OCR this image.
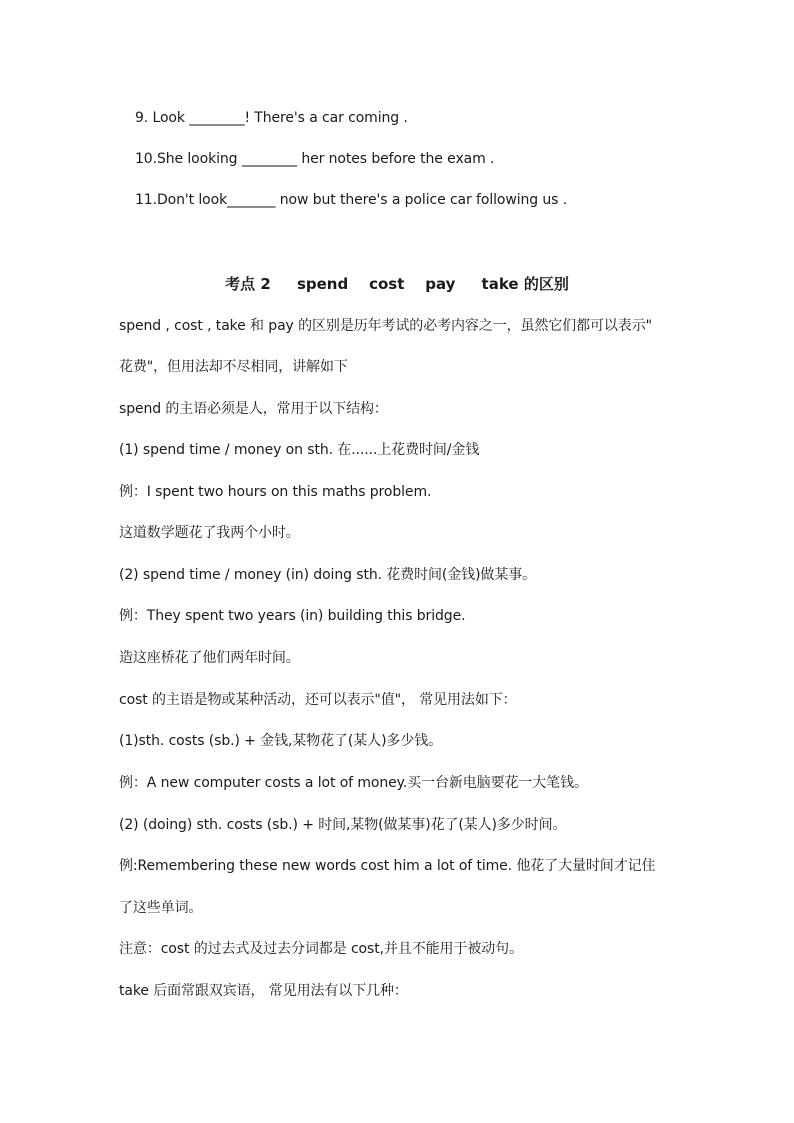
9. Look ________! There's a car coming .
10.She looking ________ her notes before the exam .
11.Don't look_______ now but there's a police car following us .
考点 2     spend    cost    pay     take 的区别
spend , cost , take 和 pay 的区别是历年考试的必考内容之一，虽然它们都可以表示"
花费"，但用法却不尽相同，讲解如下
spend 的主语必须是人，常用于以下结构：
(1) spend time / money on sth. 在......上花费时间/金钱
例：I spent two hours on this maths problem.
这道数学题花了我两个小时。
(2) spend time / money (in) doing sth. 花费时间(金钱)做某事。
例：They spent two years (in) building this bridge.
造这座桥花了他们两年时间。
cost 的主语是物或某种活动，还可以表示"值"， 常见用法如下：
(1)sth. costs (sb.) + 金钱,某物花了(某人)多少钱。
例：A new computer costs a lot of money.买一台新电脑要花一大笔钱。
(2) (doing) sth. costs (sb.) + 时间,某物(做某事)花了(某人)多少时间。
例:Remembering these new words cost him a lot of time. 他花了大量时间才记住
了这些单词。
注意：cost 的过去式及过去分词都是 cost,并且不能用于被动句。
take 后面常跟双宾语， 常见用法有以下几种：
